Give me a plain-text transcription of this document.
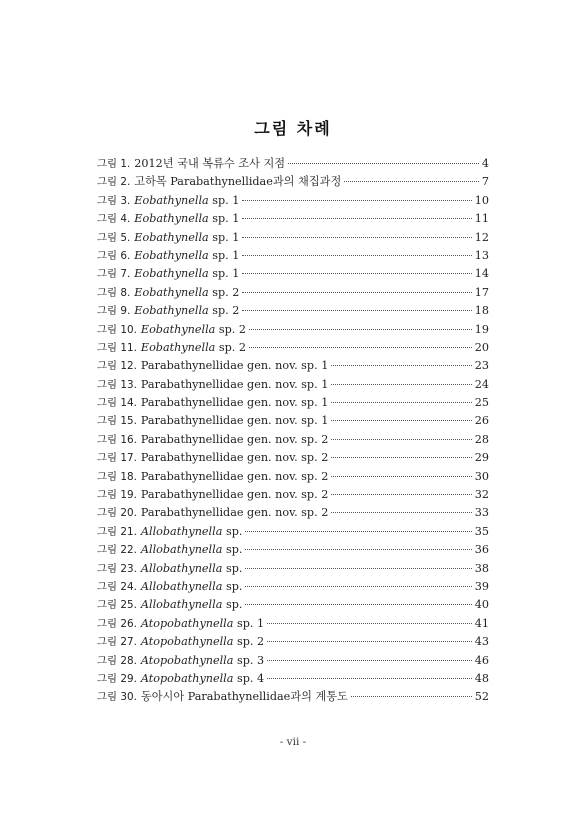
그림 차례
그림 1. 2012년 국내 복류수 조사 지점	4
그림 2. 고하목 Parabathynellidae과의 채집과정	7
그림 3. Eobathynella sp. 1	10
그림 4. Eobathynella sp. 1	11
그림 5. Eobathynella sp. 1	12
그림 6. Eobathynella sp. 1	13
그림 7. Eobathynella sp. 1	14
그림 8. Eobathynella sp. 2	17
그림 9. Eobathynella sp. 2	18
그림 10. Eobathynella sp. 2	19
그림 11. Eobathynella sp. 2	20
그림 12. Parabathynellidae gen. nov. sp. 1	23
그림 13. Parabathynellidae gen. nov. sp. 1	24
그림 14. Parabathynellidae gen. nov. sp. 1	25
그림 15. Parabathynellidae gen. nov. sp. 1	26
그림 16. Parabathynellidae gen. nov. sp. 2	28
그림 17. Parabathynellidae gen. nov. sp. 2	29
그림 18. Parabathynellidae gen. nov. sp. 2	30
그림 19. Parabathynellidae gen. nov. sp. 2	32
그림 20. Parabathynellidae gen. nov. sp. 2	33
그림 21. Allobathynella sp.	35
그림 22. Allobathynella sp.	36
그림 23. Allobathynella sp.	38
그림 24. Allobathynella sp.	39
그림 25. Allobathynella sp.	40
그림 26. Atopobathynella sp. 1	41
그림 27. Atopobathynella sp. 2	43
그림 28. Atopobathynella sp. 3	46
그림 29. Atopobathynella sp. 4	48
그림 30. 동아시아 Parabathynellidae과의 계통도	52
- vii -
